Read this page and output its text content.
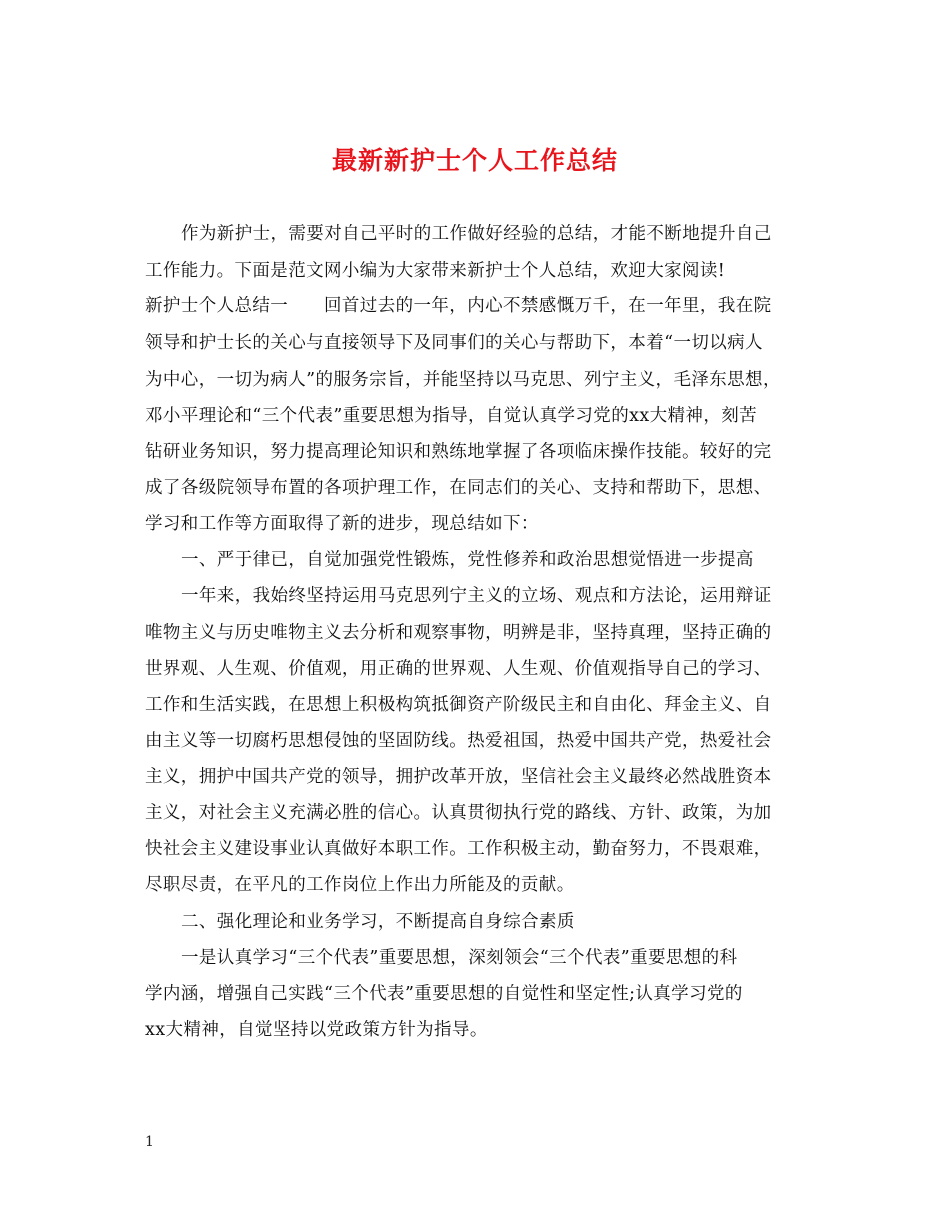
最新新护士个人工作总结
作为新护士，需要对自己平时的工作做好经验的总结，才能不断地提升自己
工作能力。下面是范文网小编为大家带来新护士个人总结，欢迎大家阅读!
新护士个人总结一　　回首过去的一年，内心不禁感慨万千，在一年里，我在院
领导和护士长的关心与直接领导下及同事们的关心与帮助下，本着“一切以病人
为中心，一切为病人”的服务宗旨，并能坚持以马克思、列宁主义，毛泽东思想，
邓小平理论和“三个代表”重要思想为指导，自觉认真学习党的xx大精神，刻苦
钻研业务知识，努力提高理论知识和熟练地掌握了各项临床操作技能。较好的完
成了各级院领导布置的各项护理工作，在同志们的关心、支持和帮助下，思想、
学习和工作等方面取得了新的进步，现总结如下：
一、严于律已，自觉加强党性锻炼，党性修养和政治思想觉悟进一步提高
一年来，我始终坚持运用马克思列宁主义的立场、观点和方法论，运用辩证
唯物主义与历史唯物主义去分析和观察事物，明辨是非，坚持真理，坚持正确的
世界观、人生观、价值观，用正确的世界观、人生观、价值观指导自己的学习、
工作和生活实践，在思想上积极构筑抵御资产阶级民主和自由化、拜金主义、自
由主义等一切腐朽思想侵蚀的坚固防线。热爱祖国，热爱中国共产党，热爱社会
主义，拥护中国共产党的领导，拥护改革开放，坚信社会主义最终必然战胜资本
主义，对社会主义充满必胜的信心。认真贯彻执行党的路线、方针、政策，为加
快社会主义建设事业认真做好本职工作。工作积极主动，勤奋努力，不畏艰难，
尽职尽责，在平凡的工作岗位上作出力所能及的贡献。
二、强化理论和业务学习，不断提高自身综合素质
一是认真学习“三个代表”重要思想，深刻领会“三个代表”重要思想的科
学内涵，增强自己实践“三个代表”重要思想的自觉性和坚定性;认真学习党的
xx大精神，自觉坚持以党政策方针为指导。
1
